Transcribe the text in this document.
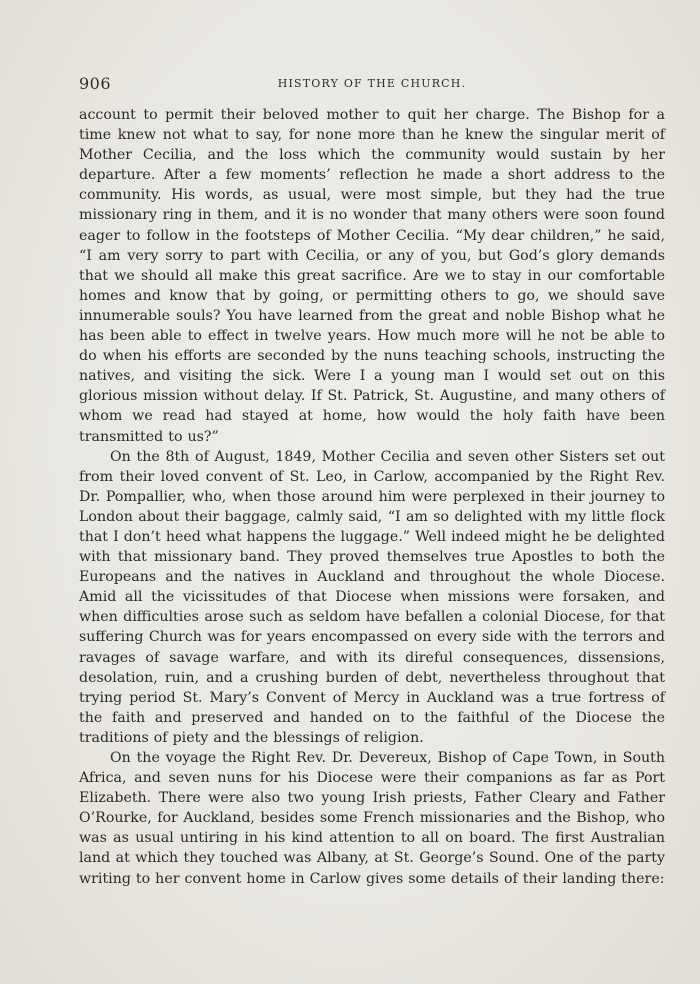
906	HISTORY OF THE CHURCH.

account to permit their beloved mother to quit her charge. The Bishop for a time knew not what to say, for none more than he knew the singular merit of Mother Cecilia, and the loss which the community would sustain by her departure. After a few moments’ reflection he made a short address to the community. His words, as usual, were most simple, but they had the true missionary ring in them, and it is no wonder that many others were soon found eager to follow in the footsteps of Mother Cecilia. “My dear children,” he said, “I am very sorry to part with Cecilia, or any of you, but God’s glory demands that we should all make this great sacrifice. Are we to stay in our comfortable homes and know that by going, or permitting others to go, we should save innumerable souls? You have learned from the great and noble Bishop what he has been able to effect in twelve years. How much more will he not be able to do when his efforts are seconded by the nuns teaching schools, instructing the natives, and visiting the sick. Were I a young man I would set out on this glorious mission without delay. If St. Patrick, St. Augustine, and many others of whom we read had stayed at home, how would the holy faith have been transmitted to us?”

On the 8th of August, 1849, Mother Cecilia and seven other Sisters set out from their loved convent of St. Leo, in Carlow, accompanied by the Right Rev. Dr. Pompallier, who, when those around him were perplexed in their journey to London about their baggage, calmly said, “I am so delighted with my little flock that I don’t heed what happens the luggage.” Well indeed might he be delighted with that missionary band. They proved themselves true Apostles to both the Europeans and the natives in Auckland and throughout the whole Diocese. Amid all the vicissitudes of that Diocese when missions were forsaken, and when difficulties arose such as seldom have befallen a colonial Diocese, for that suffering Church was for years encompassed on every side with the terrors and ravages of savage warfare, and with its direful consequences, dissensions, desolation, ruin, and a crushing burden of debt, nevertheless throughout that trying period St. Mary’s Convent of Mercy in Auckland was a true fortress of the faith and preserved and handed on to the faithful of the Diocese the traditions of piety and the blessings of religion.

On the voyage the Right Rev. Dr. Devereux, Bishop of Cape Town, in South Africa, and seven nuns for his Diocese were their companions as far as Port Elizabeth. There were also two young Irish priests, Father Cleary and Father O’Rourke, for Auckland, besides some French missionaries and the Bishop, who was as usual untiring in his kind attention to all on board. The first Australian land at which they touched was Albany, at St. George’s Sound. One of the party writing to her convent home in Carlow gives some details of their landing there:
